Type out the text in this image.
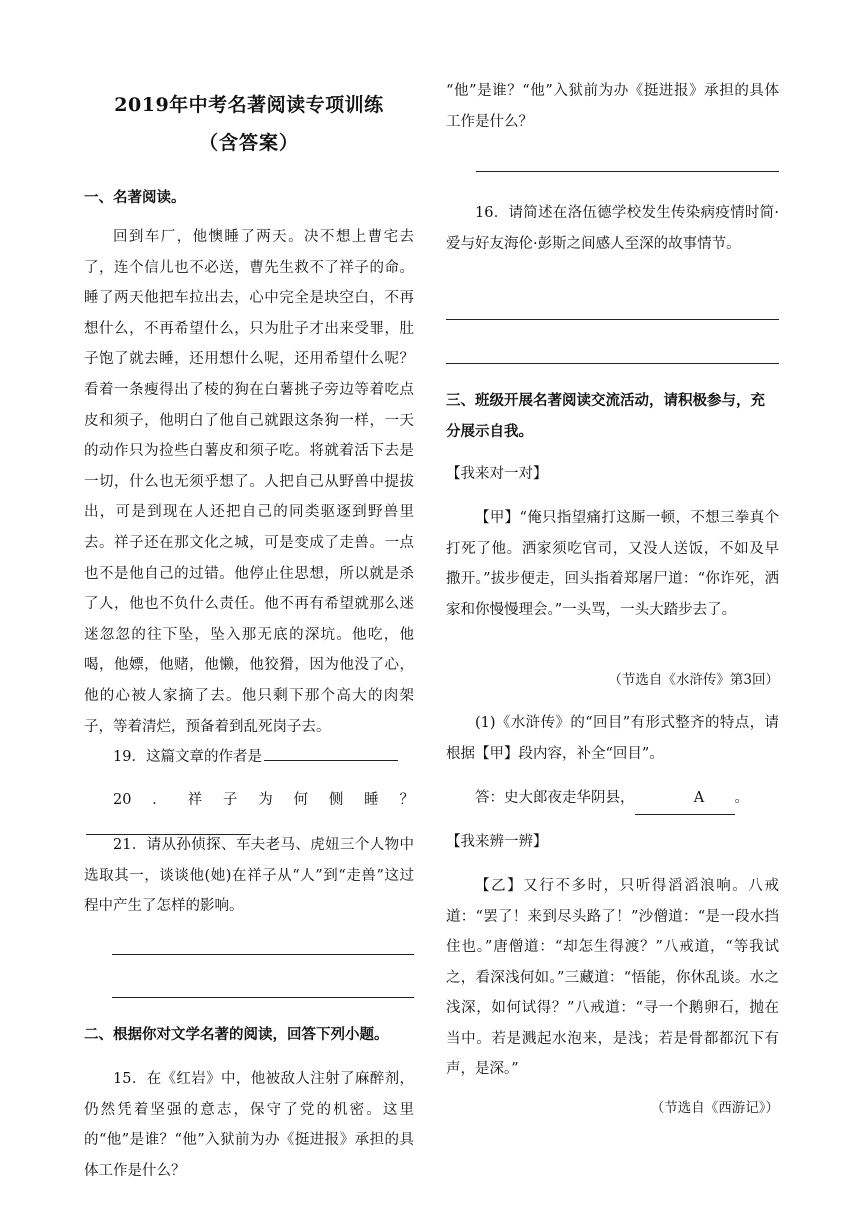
2019年中考名著阅读专项训练
（含答案）
一、名著阅读。
回到车厂，他懊睡了两天。决不想上曹宅去了，连个信儿也不必送，曹先生救不了祥子的命。睡了两天他把车拉出去，心中完全是块空白，不再想什么，不再希望什么，只为肚子才出来受罪，肚子饱了就去睡，还用想什么呢，还用希望什么呢？看着一条瘦得出了棱的狗在白薯挑子旁边等着吃点皮和须子，他明白了他自己就跟这条狗一样，一天的动作只为捡些白薯皮和须子吃。将就着活下去是一切，什么也无须乎想了。人把自己从野兽中提拔出，可是到现在人还把自己的同类驱逐到野兽里去。祥子还在那文化之城，可是变成了走兽。一点也不是他自己的过错。他停止住思想，所以就是杀了人，他也不负什么责任。他不再有希望就那么迷迷忽忽的往下坠，坠入那无底的深坑。他吃，他喝，他嫖，他赌，他懒，他狡猾，因为他没了心，他的心被人家摘了去。他只剩下那个高大的肉架子，等着清烂，预备着到乱死岗子去。
19．这篇文章的作者是
20．祥子为何侧睡？
21．请从孙侦探、车夫老马、虎妞三个人物中选取其一，谈谈他(她)在祥子从“人”到“走兽”这过程中产生了怎样的影响。
二、根据你对文学名著的阅读，回答下列小题。
15．在《红岩》中，他被敌人注射了麻醉剂，仍然凭着坚强的意志，保守了党的机密。这里的“他”是谁？“他”入狱前为办《挺进报》承担的具体工作是什么？
“他”是谁？“他”入狱前为办《挺进报》承担的具体工作是什么？
16．请简述在洛伍德学校发生传染病疫情时简·爱与好友海伦·彭斯之间感人至深的故事情节。
三、班级开展名著阅读交流活动，请积极参与，充分展示自我。
【我来对一对】
【甲】“俺只指望痛打这厮一顿，不想三拳真个打死了他。洒家须吃官司，又没人送饭，不如及早撒开。”拔步便走，回头指着郑屠尸道：“你诈死，洒家和你慢慢理会。”一头骂，一头大踏步去了。
（节选自《水浒传》第3回）
(1)《水浒传》的“回目”有形式整齐的特点，请根据【甲】段内容，补全“回目”。
答：史大郎夜走华阴县，	A 。
【我来辨一辨】
【乙】又行不多时，只听得滔滔浪响。八戒道：“罢了！来到尽头路了！”沙僧道：“是一段水挡住也。”唐僧道：“却怎生得渡？”八戒道，“等我试之，看深浅何如。”三藏道：“悟能，你休乱谈。水之浅深，如何试得？”八戒道：“寻一个鹅卵石，抛在当中。若是溅起水泡来，是浅；若是骨都都沉下有声，是深。”
（节选自《西游记》）
